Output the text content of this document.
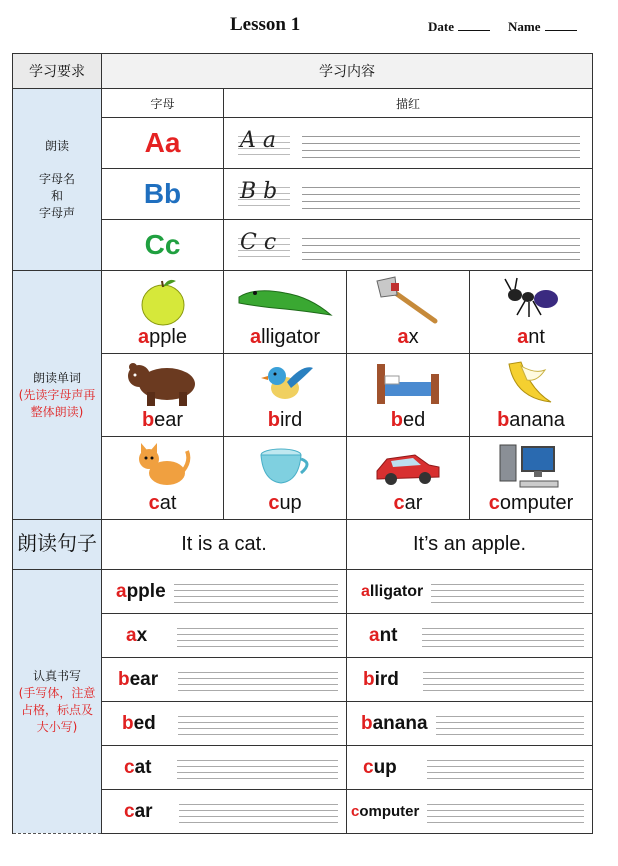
Lesson 1	Date	Name
学习要求	学习内容			

朗读
字母名
和
字母声	字母	描红		
	Aa	A a		

	Bb	B b		

	Cc	C c		

朗读单词
(先读字母声再整体朗读)	apple	alligator	ax	ant

	bear	bird	bed	banana

	cat	cup	car	computer

朗读句子	It is a cat.		It’s an apple.	

认真书写
(手写体，注意占格，标点及大小写)	apple		alligator	

	ax		ant	

	bear		bird	

	bed		banana	

	cat		cup	

	car		computer	
